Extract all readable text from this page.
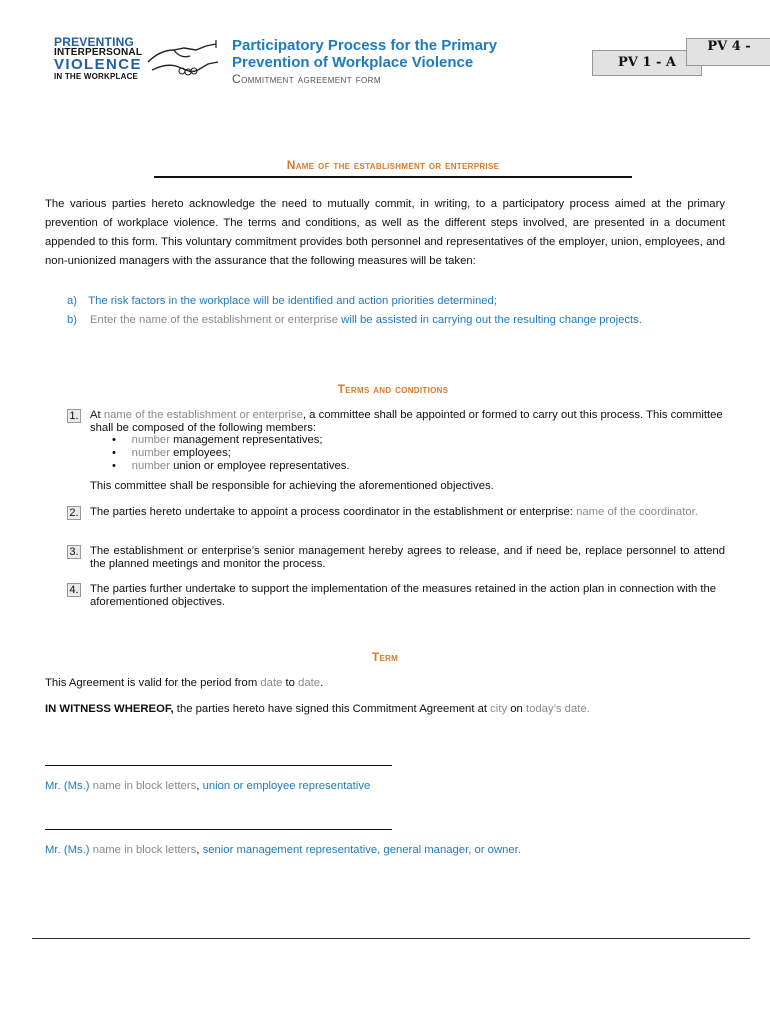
PREVENTING
INTERPERSONAL
VIOLENCE
IN THE WORKPLACE
Participatory Process for the Primary
Prevention of Workplace Violence
Commitment agreement form
PV 1 - A
PV 4 -
Name of the establishment or enterprise
The various parties hereto acknowledge the need to mutually commit, in writing, to a participatory process aimed at the primary prevention of workplace violence. The terms and conditions, as well as the different steps involved, are presented in a document appended to this form. This voluntary commitment provides both personnel and representatives of the employer, union, employees, and non-unionized managers with the assurance that the following measures will be taken:
a) The risk factors in the workplace will be identified and action priorities determined;
b)	Enter the name of the establishment or enterprise will be assisted in carrying out the resulting change projects.
Terms and conditions
1.	At name of the establishment or enterprise, a committee shall be appointed or formed to carry out this process. This committee shall be composed of the following members:
•     number management representatives;
•     number employees;
•     number union or employee representatives.
This committee shall be responsible for achieving the aforementioned objectives.
2.	The parties hereto undertake to appoint a process coordinator in the establishment or enterprise: name of the coordinator.
3.	The establishment or enterprise’s senior management hereby agrees to release, and if need be, replace personnel to attend the planned meetings and monitor the process.
4.	The parties further undertake to support the implementation of the measures retained in the action plan in connection with the aforementioned objectives.
Term
This Agreement is valid for the period from date to date.
IN WITNESS WHEREOF, the parties hereto have signed this Commitment Agreement at city on today’s date.
Mr. (Ms.) name in block letters, union or employee representative
Mr. (Ms.) name in block letters, senior management representative, general manager, or owner.
